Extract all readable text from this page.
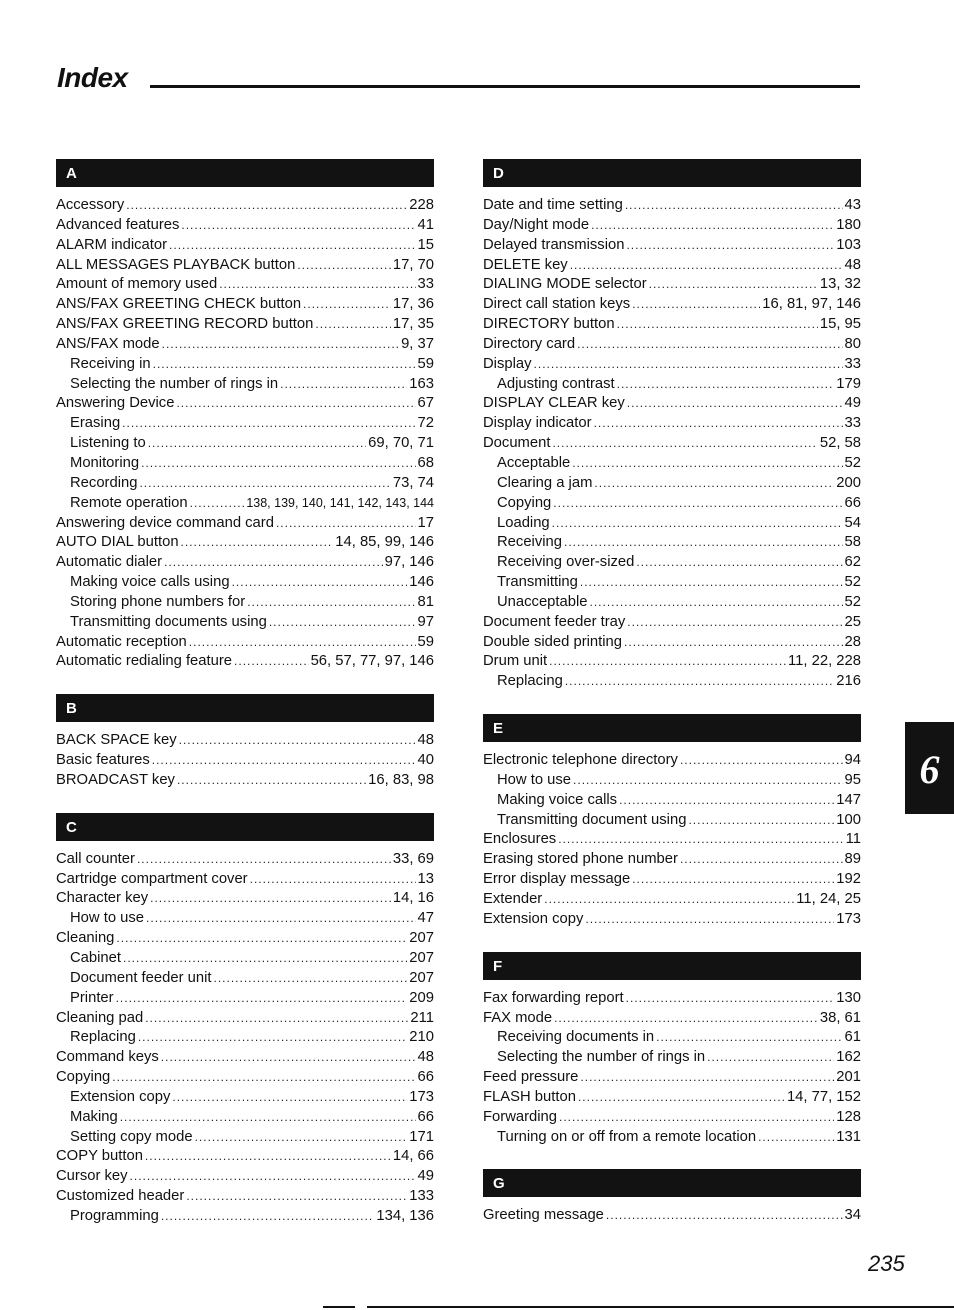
Index
A
Accessory .....	228
Advanced features .....	41
ALARM indicator .....	15
ALL MESSAGES PLAYBACK button .....	17, 70
Amount of memory used .....	33
ANS/FAX GREETING CHECK button .....	17, 36
ANS/FAX GREETING RECORD button .....	17, 35
ANS/FAX mode .....	9, 37
Receiving in .....	59
Selecting the number of rings in .....	163
Answering Device .....	67
Erasing .....	72
Listening to .....	69, 70, 71
Monitoring .....	68
Recording .....	73, 74
Remote operation .....	138, 139, 140, 141, 142, 143, 144
Answering device command card .....	17
AUTO DIAL button .....	14, 85, 99, 146
Automatic dialer .....	97, 146
Making voice calls using .....	146
Storing phone numbers for .....	81
Transmitting documents using .....	97
Automatic reception .....	59
Automatic redialing feature .....	56, 57, 77, 97, 146
B
BACK SPACE key .....	48
Basic features .....	40
BROADCAST key .....	16, 83, 98
C
Call counter .....	33, 69
Cartridge compartment cover .....	13
Character key .....	14, 16
How to use .....	47
Cleaning .....	207
Cabinet .....	207
Document feeder unit .....	207
Printer .....	209
Cleaning pad .....	211
Replacing .....	210
Command keys .....	48
Copying .....	66
Extension copy .....	173
Making .....	66
Setting copy mode .....	171
COPY button .....	14, 66
Cursor key .....	49
Customized header .....	133
Programming .....	134, 136
D
Date and time setting .....	43
Day/Night mode .....	180
Delayed transmission .....	103
DELETE key .....	48
DIALING MODE selector .....	13, 32
Direct call station keys .....	16, 81, 97, 146
DIRECTORY button .....	15, 95
Directory card .....	80
Display .....	33
Adjusting contrast .....	179
DISPLAY CLEAR key .....	49
Display indicator .....	33
Document .....	52, 58
Acceptable .....	52
Clearing a jam .....	200
Copying .....	66
Loading .....	54
Receiving .....	58
Receiving over-sized .....	62
Transmitting .....	52
Unacceptable .....	52
Document feeder tray .....	25
Double sided printing .....	28
Drum unit .....	11, 22, 228
Replacing .....	216
E
Electronic telephone directory .....	94
How to use .....	95
Making voice calls .....	147
Transmitting document using .....	100
Enclosures .....	11
Erasing stored phone number .....	89
Error display message .....	192
Extender .....	11, 24, 25
Extension copy .....	173
F
Fax forwarding report .....	130
FAX mode .....	38, 61
Receiving documents in .....	61
Selecting the number of rings in .....	162
Feed pressure .....	201
FLASH button .....	14, 77, 152
Forwarding .....	128
Turning on or off from a remote location .....	131
G
Greeting message .....	34
6
235
